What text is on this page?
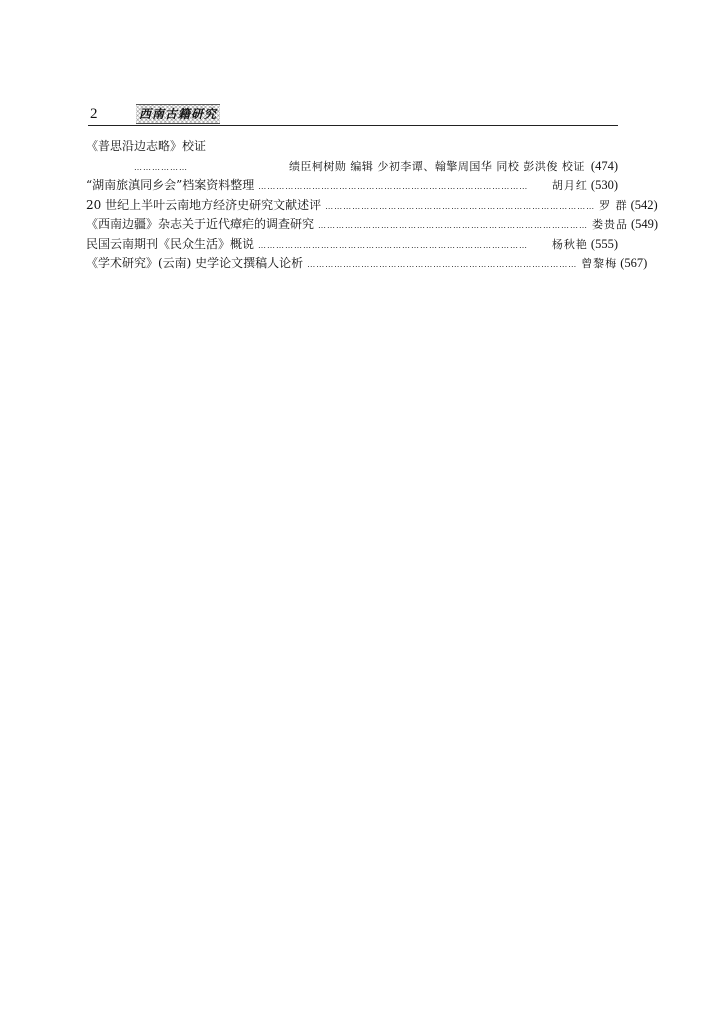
2	西南古籍研究
《普思沿边志略》校证
………………	绩臣柯树勋 编辑 少初李谭、翰擎周国华 同校 彭洪俊 校证 (474)
“湖南旅滇同乡会”档案资料整理 ………………………………………………………………………………	胡月红 (530)
20 世纪上半叶云南地方经济史研究文献述评 ……………………………………………………………………………… 罗 群 (542)
《西南边疆》杂志关于近代瘴疟的调查研究 ……………………………………………………………………………… 娄贵品 (549)
民国云南期刊《民众生活》概说 ………………………………………………………………………………	杨秋艳 (555)
《学术研究》(云南) 史学论文撰稿人论析 ……………………………………………………………………………… 曾黎梅 (567)
